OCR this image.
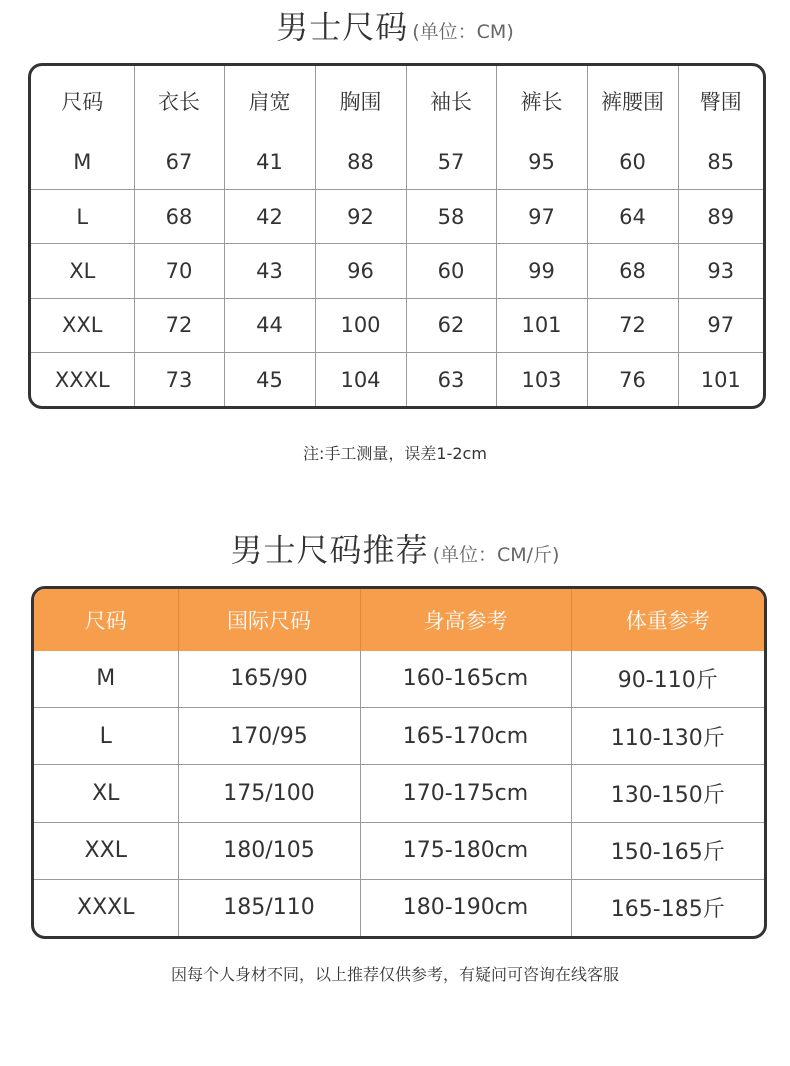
男士尺码 (单位：CM)
尺码	衣长	肩宽	胸围	袖长	裤长	裤腰围	臀围
M	67	41	88	57	95	60	85
L	68	42	92	58	97	64	89
XL	70	43	96	60	99	68	93
XXL	72	44	100	62	101	72	97
XXXL	73	45	104	63	103	76	101
注:手工测量，误差1-2cm
男士尺码推荐 (单位：CM/斤)
尺码	国际尺码	身高参考	体重参考
M	165/90	160-165cm	90-110斤
L	170/95	165-170cm	110-130斤
XL	175/100	170-175cm	130-150斤
XXL	180/105	175-180cm	150-165斤
XXXL	185/110	180-190cm	165-185斤
因每个人身材不同，以上推荐仅供参考，有疑问可咨询在线客服
